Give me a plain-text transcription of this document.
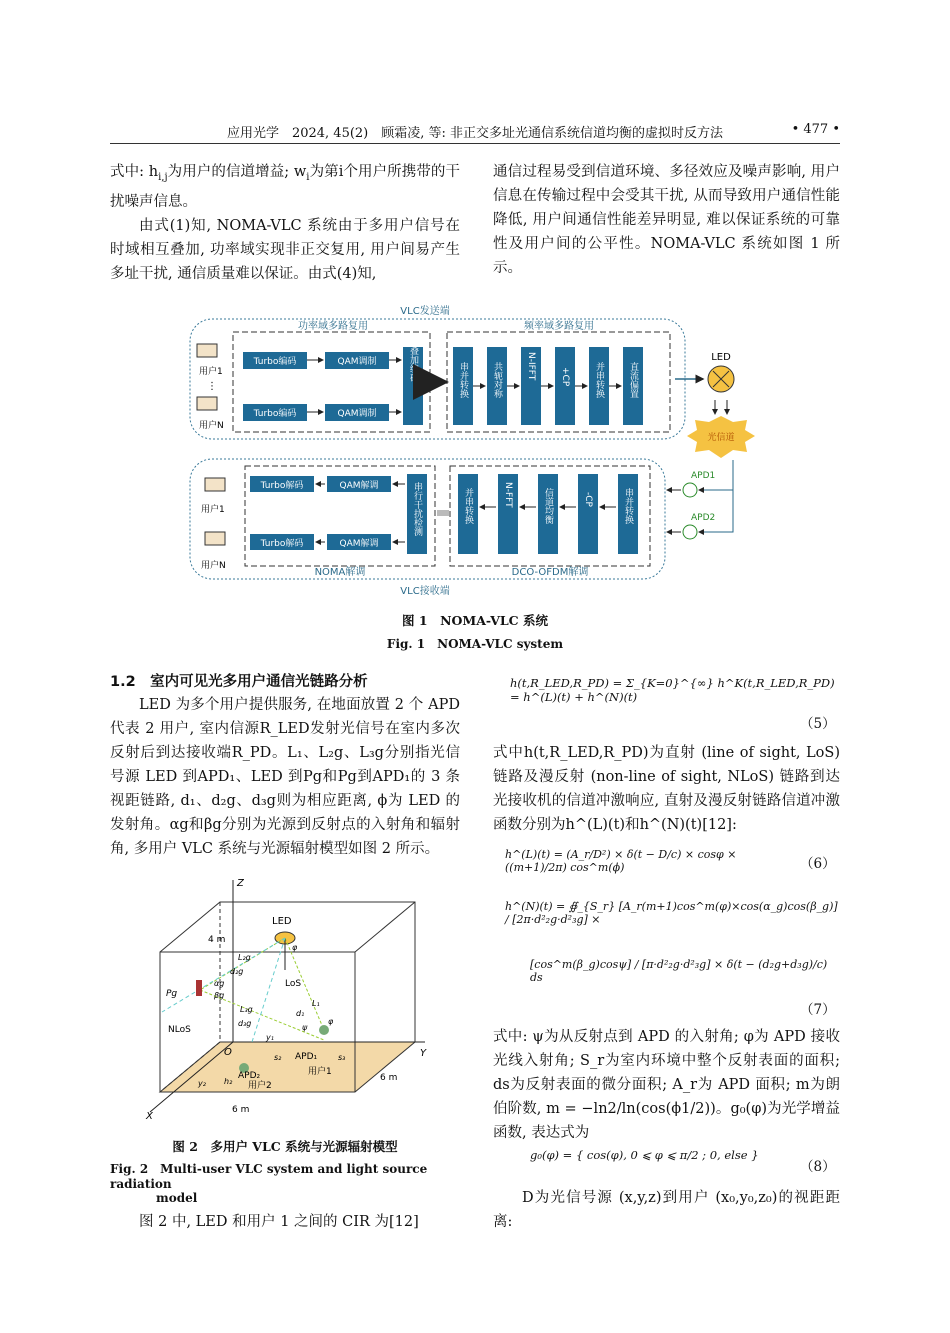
应用光学　2024, 45(2)　顾霜凌, 等: 非正交多址光通信系统信道均衡的虚拟时反方法	• 477 •

式中: $h_{i,j}$为用户的信道增益; $w_i$为第i个用户所携带的干扰噪声信息。

由式(1)知, NOMA-VLC 系统由于多用户信号在时域相互叠加, 功率域实现非正交复用, 用户间易产生多址干扰, 通信质量难以保证。由式(4)知,

通信过程易受到信道环境、多径效应及噪声影响, 用户信息在传输过程中会受其干扰, 从而导致用户通信性能降低, 用户间通信性能差异明显, 难以保证系统的可靠性及用户间的公平性。NOMA-VLC 系统如图 1 所示。

VLC发送端
功率域多路复用	频率域多路复用
用户1
⋮
用户N
Turbo编码	QAM调制
Turbo编码	QAM调制
叠加编码	串并转换	共轭对称	N-IFFT	+CP	并串转换	直流偏置
LED
光信道
APD1
APD2
VLC接收端
NOMA解调	DCO-OFDM解调
用户1
用户N
Turbo解码	QAM解调
Turbo解码	QAM解调
串行干扰检测	并串转换	N-FFT	信道均衡	-CP	串并转换
图 1　NOMA-VLC 系统
Fig. 1　NOMA-VLC system
1.2　室内可见光多用户通信光链路分析

LED 为多个用户提供服务, 在地面放置 2 个 APD 代表 2 用户, 室内信源R_LED发射光信号在室内多次反射后到达接收端R_PD。L₁、L₂g、L₃g分别指光信号源 LED 到APD₁、LED 到Pg和Pg到APD₁的 3 条视距链路, d₁、d₂g、d₃g则为相应距离, ϕ为 LED 的发射角。αg和βg分别为光源到反射点的入射角和辐射角, 多用户 VLC 系统与光源辐射模型如图 2 所示。

Z
X
Y
O
LED
4 m
Pg
αg
βg
NLoS
LoS
L₂g
d₂g
L₃g
d₃g
L₁
d₁
φ
ψ
φ
y₁
y₂ h₂
s₂	s₃
APD₁
用户1
APD₂
用户2
6 m
6 m
图 2　多用户 VLC 系统与光源辐射模型
Fig. 2　Multi-user VLC system and light source radiation
model

图 2 中, LED 和用户 1 之间的 CIR 为[12]

h(t,R_LED,R_PD) = Σ_{K=0}^{∞} h^K(t,R_LED,R_PD) = h^(L)(t) + h^(N)(t)
（5）

式中h(t,R_LED,R_PD)为直射 (line of sight, LoS) 链路及漫反射 (non-line of sight, NLoS) 链路到达光接收机的信道冲激响应, 直射及漫反射链路信道冲激函数分别为h^(L)(t)和h^(N)(t)[12]:

h^(L)(t) = (A_r/D²) × δ(t − D/c) × cosφ × ((m+1)/2π) cos^m(ϕ)	（6）
h^(N)(t) = ∯_{S_r} [A_r(m+1)cos^m(φ)×cos(α_g)cos(β_g)] / [2π·d²₂g·d²₃g] ×
[cos^m(β_g)cosψ] / [π·d²₂g·d²₃g] × δ(t − (d₂g+d₃g)/c) ds
（7）

式中: ψ为从反射点到 APD 的入射角; φ为 APD 接收光线入射角; S_r为室内环境中整个反射表面的面积; ds为反射表面的微分面积; A_r为 APD 面积; m为朗伯阶数, m = −ln2/ln(cos(ϕ1/2))。g₀(φ)为光学增益函数, 表达式为

g₀(φ) = { cos(φ), 0 ⩽ φ ⩽ π/2 ; 0, else }
（8）

D为光信号源 (x,y,z)到用户 (x₀,y₀,z₀)的视距距离:
